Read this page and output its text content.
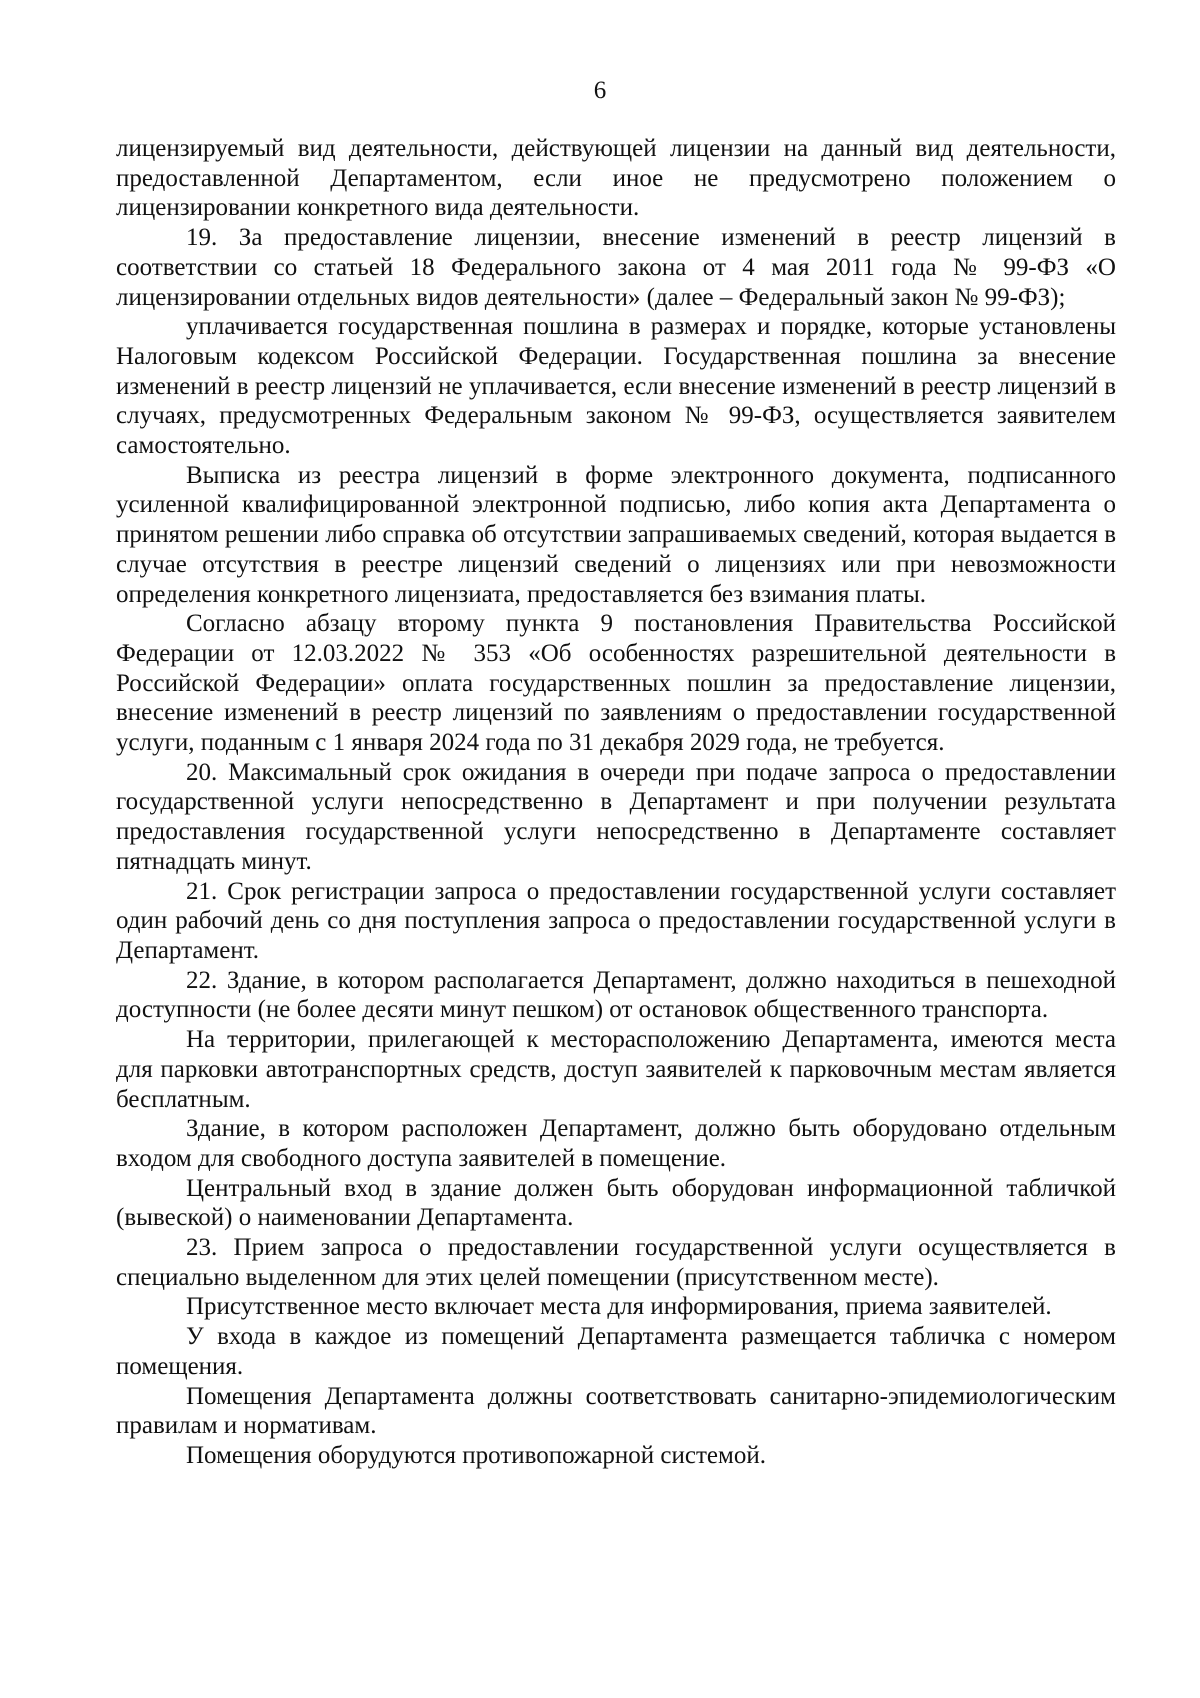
6

лицензируемый вид деятельности, действующей лицензии на данный вид деятельности, предоставленной Департаментом, если иное не предусмотрено положением о лицензировании конкретного вида деятельности.

19. За предоставление лицензии, внесение изменений в реестр лицензий в соответствии со статьей 18 Федерального закона от 4 мая 2011 года № 99-ФЗ «О лицензировании отдельных видов деятельности» (далее – Федеральный закон № 99-ФЗ);

уплачивается государственная пошлина в размерах и порядке, которые установлены Налоговым кодексом Российской Федерации. Государственная пошлина за внесение изменений в реестр лицензий не уплачивается, если внесение изменений в реестр лицензий в случаях, предусмотренных Федеральным законом № 99-ФЗ, осуществляется заявителем самостоятельно.

Выписка из реестра лицензий в форме электронного документа, подписанного усиленной квалифицированной электронной подписью, либо копия акта Департамента о принятом решении либо справка об отсутствии запрашиваемых сведений, которая выдается в случае отсутствия в реестре лицензий сведений о лицензиях или при невозможности определения конкретного лицензиата, предоставляется без взимания платы.

Согласно абзацу второму пункта 9 постановления Правительства Российской Федерации от 12.03.2022 № 353 «Об особенностях разрешительной деятельности в Российской Федерации» оплата государственных пошлин за предоставление лицензии, внесение изменений в реестр лицензий по заявлениям о предоставлении государственной услуги, поданным с 1 января 2024 года по 31 декабря 2029 года, не требуется.

20. Максимальный срок ожидания в очереди при подаче запроса о предоставлении государственной услуги непосредственно в Департамент и при получении результата предоставления государственной услуги непосредственно в Департаменте составляет пятнадцать минут.

21. Срок регистрации запроса о предоставлении государственной услуги составляет один рабочий день со дня поступления запроса о предоставлении государственной услуги в Департамент.

22. Здание, в котором располагается Департамент, должно находиться в пешеходной доступности (не более десяти минут пешком) от остановок общественного транспорта.

На территории, прилегающей к месторасположению Департамента, имеются места для парковки автотранспортных средств, доступ заявителей к парковочным местам является бесплатным.

Здание, в котором расположен Департамент, должно быть оборудовано отдельным входом для свободного доступа заявителей в помещение.

Центральный вход в здание должен быть оборудован информационной табличкой (вывеской) о наименовании Департамента.

23. Прием запроса о предоставлении государственной услуги осуществляется в специально выделенном для этих целей помещении (присутственном месте).

Присутственное место включает места для информирования, приема заявителей.

У входа в каждое из помещений Департамента размещается табличка с номером помещения.

Помещения Департамента должны соответствовать санитарно-эпидемиологическим правилам и нормативам.

Помещения оборудуются противопожарной системой.
